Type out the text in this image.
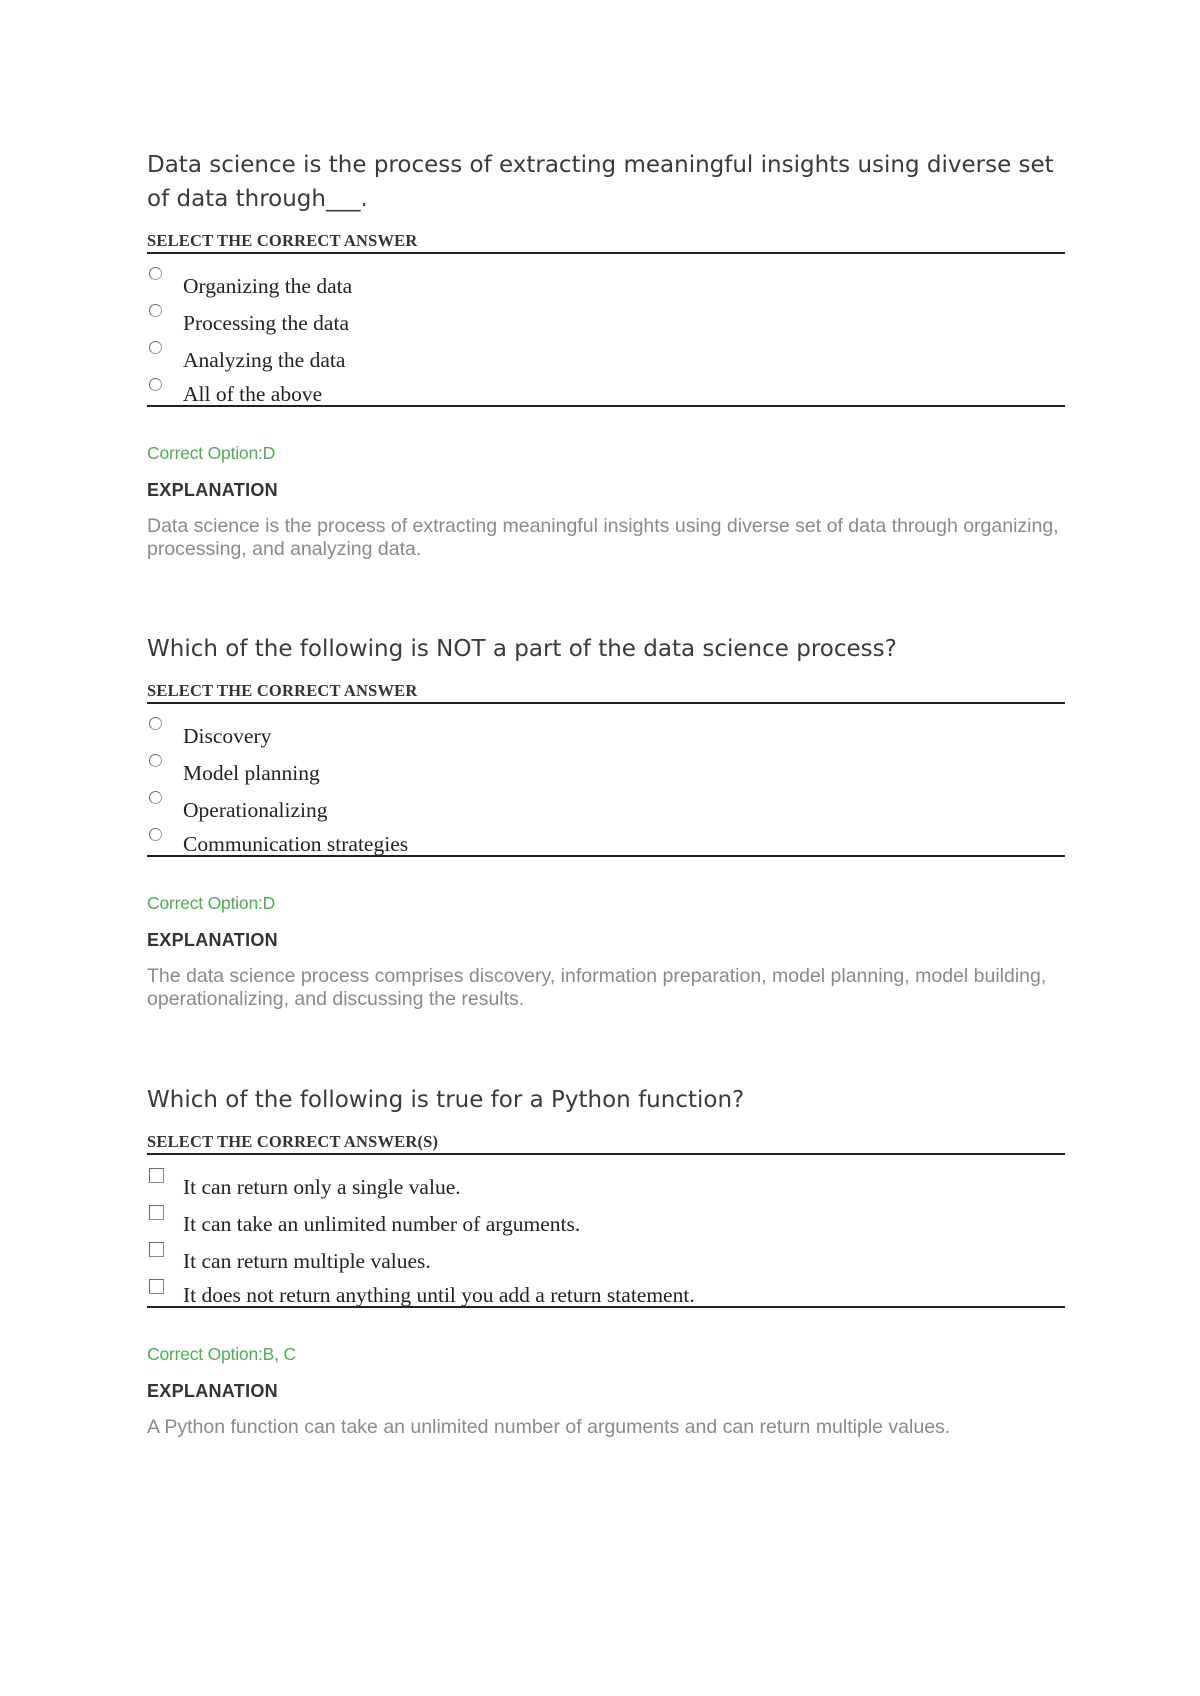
Data science is the process of extracting meaningful insights using diverse set of data through___.

SELECT THE CORRECT ANSWER
Organizing the data
Processing the data
Analyzing the data
All of the above
Correct Option:D
EXPLANATION
Data science is the process of extracting meaningful insights using diverse set of data through organizing, processing, and analyzing data.

Which of the following is NOT a part of the data science process?

SELECT THE CORRECT ANSWER
Discovery
Model planning
Operationalizing
Communication strategies
Correct Option:D
EXPLANATION
The data science process comprises discovery, information preparation, model planning, model building, operationalizing, and discussing the results.

Which of the following is true for a Python function?

SELECT THE CORRECT ANSWER(S)
It can return only a single value.
It can take an unlimited number of arguments.
It can return multiple values.
It does not return anything until you add a return statement.
Correct Option:B, C
EXPLANATION
A Python function can take an unlimited number of arguments and can return multiple values.
